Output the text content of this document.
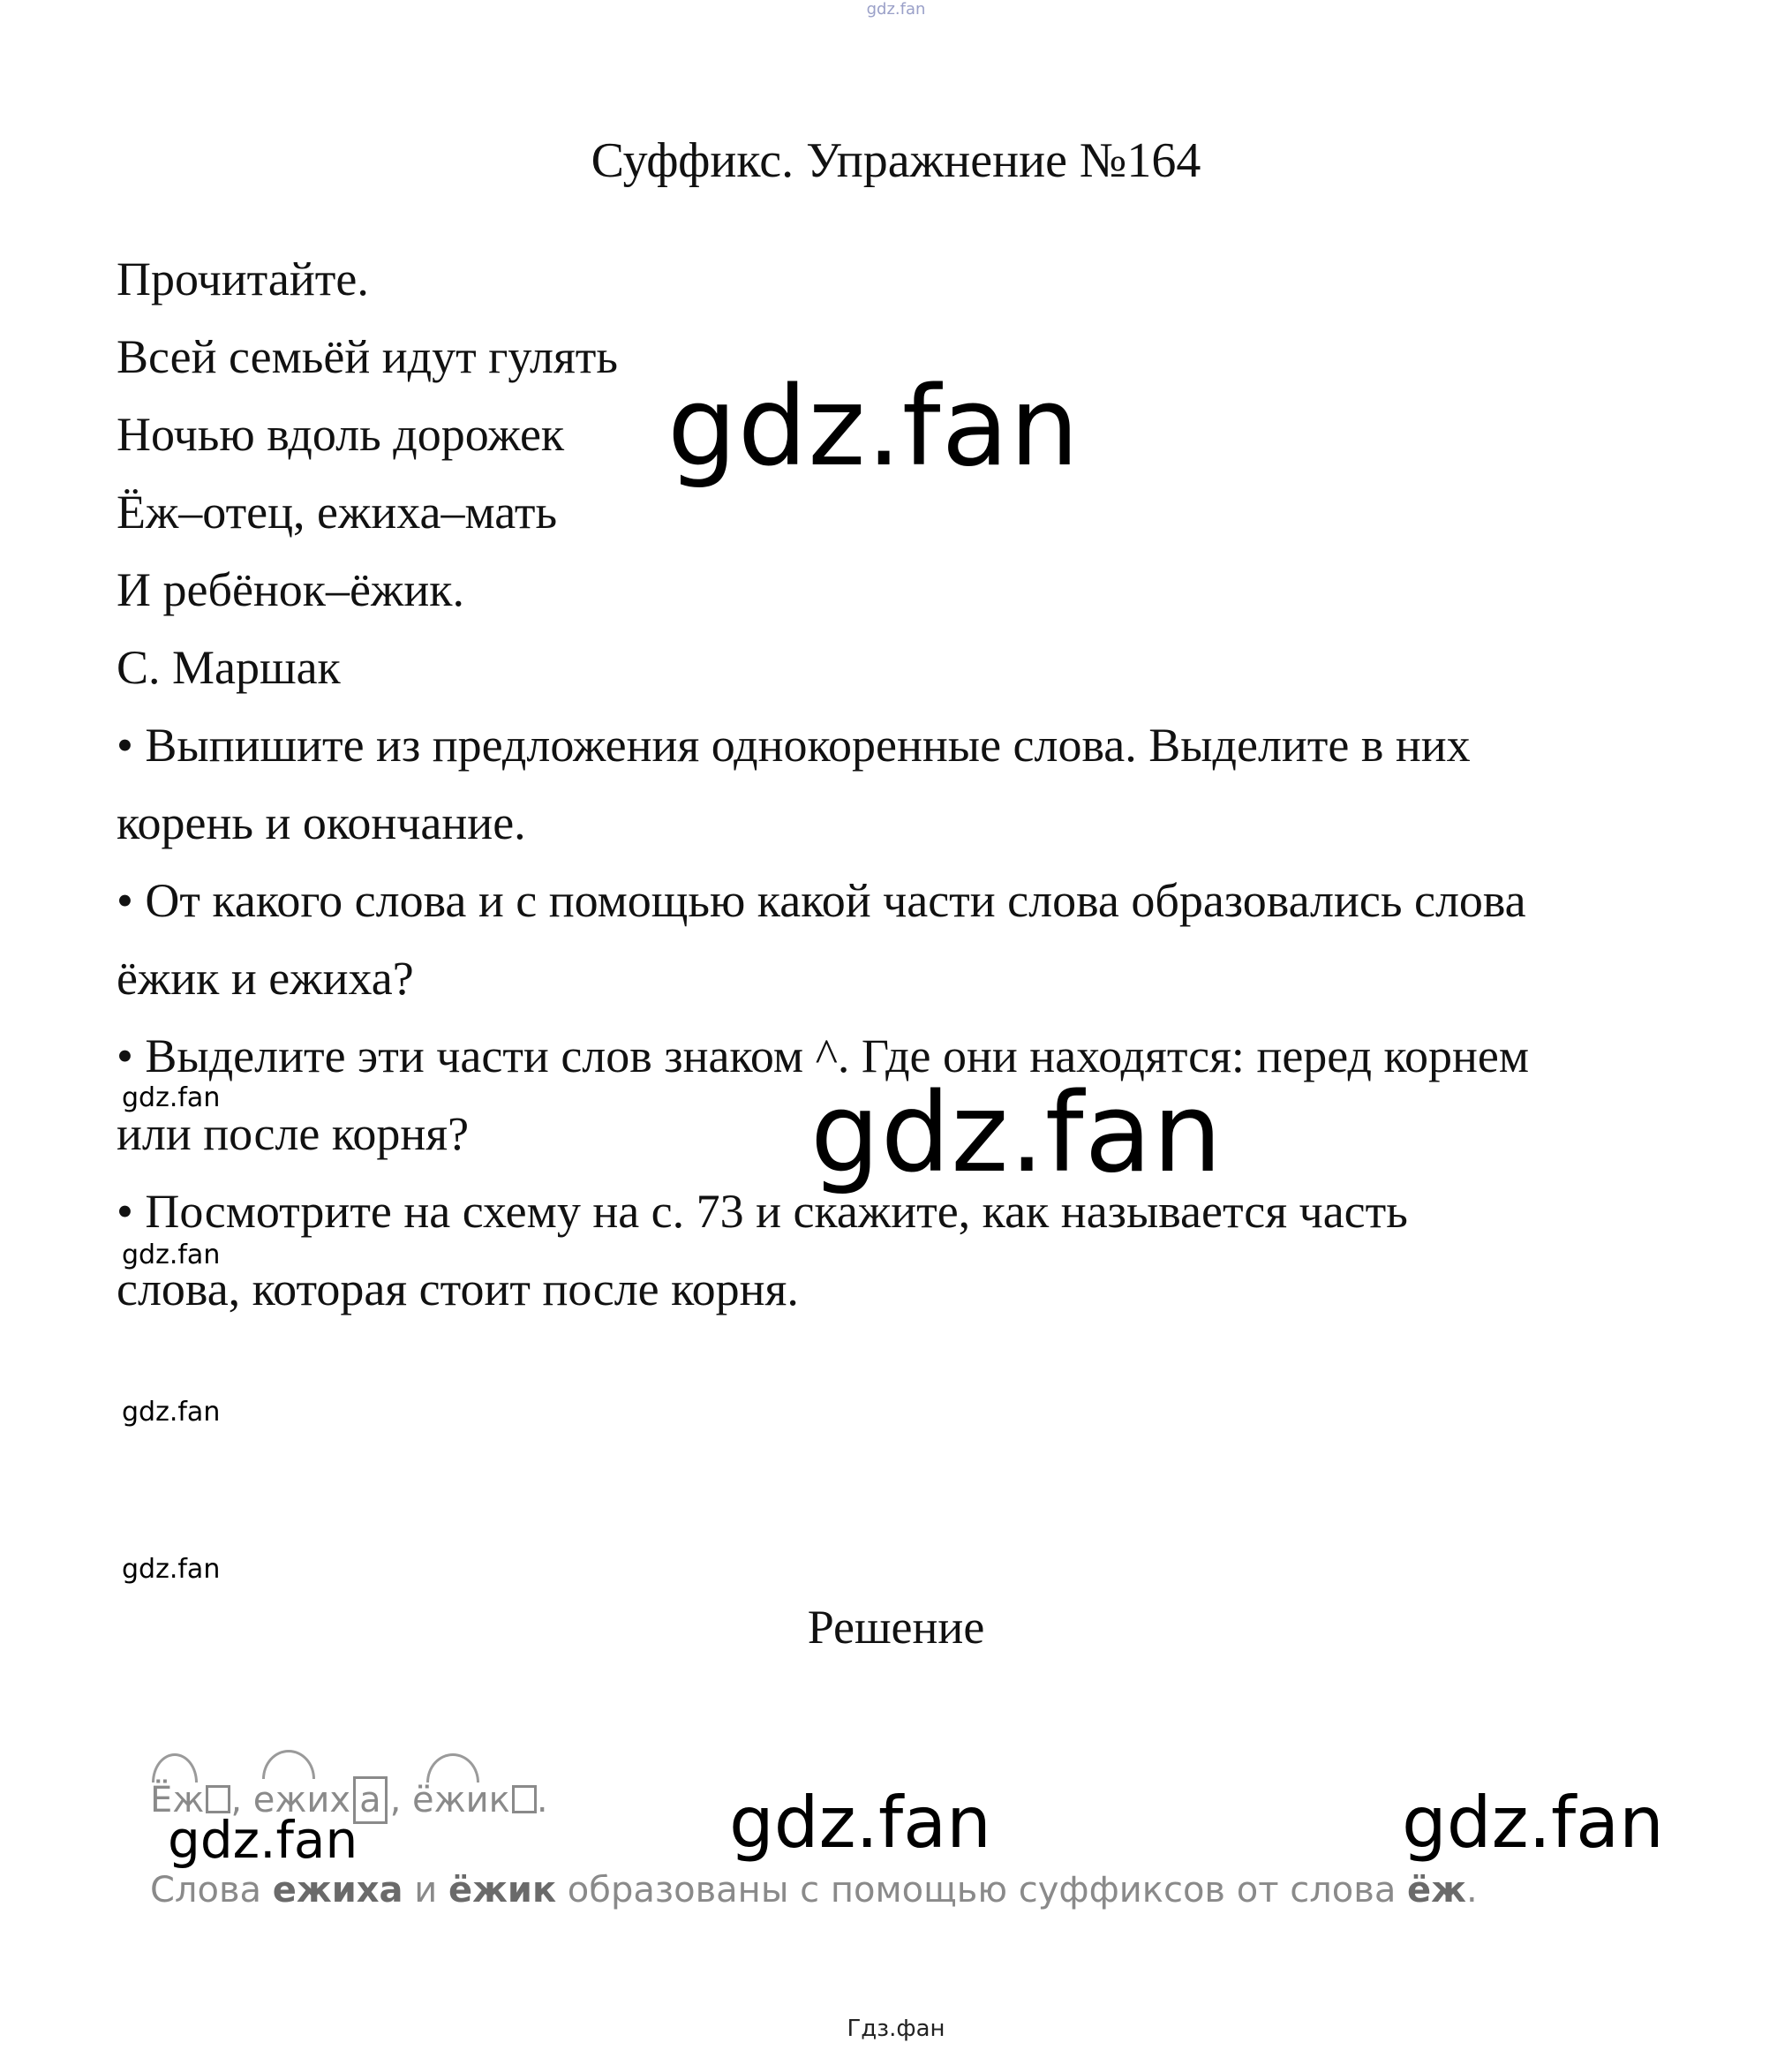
gdz.fan
Суффикс. Упражнение №164
Прочитайте.
Всей семьёй идут гулять
Ночью вдоль дорожек
Ёж–отец, ежиха–мать
И ребёнок–ёжик.
С. Маршак
• Выпишите из предложения однокоренные слова. Выделите в них
корень и окончание.
• От какого слова и с помощью какой части слова образовались слова
ёжик и ежиха?
• Выделите эти части слов знаком ^. Где они находятся: перед корнем
или после корня?
• Посмотрите на схему на с. 73 и скажите, как называется часть
слова, которая стоит после корня.
gdz.fan
gdz.fan
gdz.fan
gdz.fan
gdz.fan
gdz.fan
Решение
Ёж , ежих а , ёжик .
gdz.fan	gdz.fan	gdz.fan
Слова ежиха и ёжик образованы с помощью суффиксов от слова ёж.
Гдз.фан
